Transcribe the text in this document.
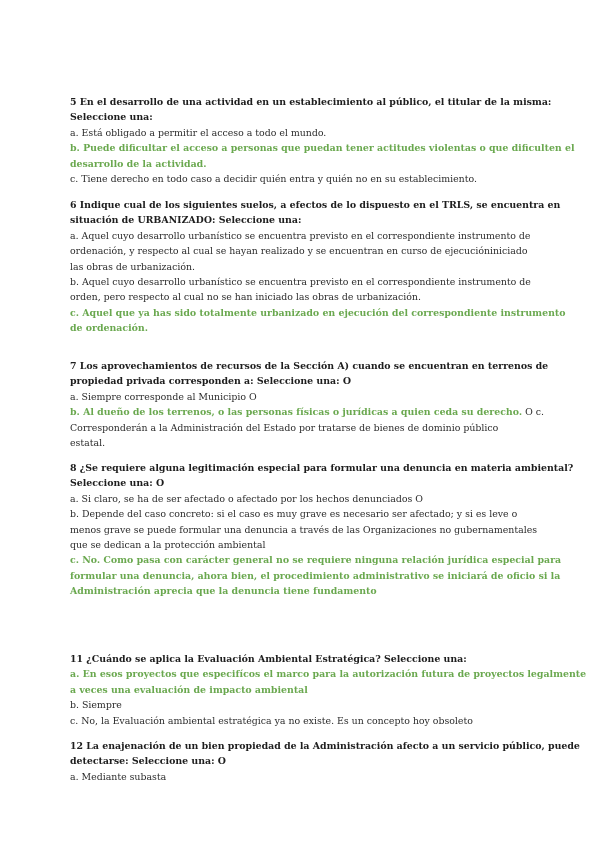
5 En el desarrollo de una actividad en un establecimiento al público, el titular de la misma:
Seleccione una:
a. Está obligado a permitir el acceso a todo el mundo.
b. Puede dificultar el acceso a personas que puedan tener actitudes violentas o que dificulten el
desarrollo de la actividad.
c. Tiene derecho en todo caso a decidir quién entra y quién no en su establecimiento.
6 Indique cual de los siguientes suelos, a efectos de lo dispuesto en el TRLS, se encuentra en
situación de URBANIZADO: Seleccione una:
a. Aquel cuyo desarrollo urbanístico se encuentra previsto en el correspondiente instrumento de
ordenación, y respecto al cual se hayan realizado y se encuentran en curso de ejecucióniniciado
las obras de urbanización.
b. Aquel cuyo desarrollo urbanístico se encuentra previsto en el correspondiente instrumento de
orden, pero respecto al cual no se han iniciado las obras de urbanización.
c. Aquel que ya has sido totalmente urbanizado en ejecución del correspondiente instrumento
de ordenación.
7 Los aprovechamientos de recursos de la Sección A) cuando se encuentran en terrenos de
propiedad privada corresponden a: Seleccione una: O
a. Siempre corresponde al Municipio O
b. Al dueño de los terrenos, o las personas físicas o jurídicas a quien ceda su derecho. O c.
Corresponderán a la Administración del Estado por tratarse de bienes de dominio público
estatal.
8 ¿Se requiere alguna legitimación especial para formular una denuncia en materia ambiental?
Seleccione una: O
a. Si claro, se ha de ser afectado o afectado por los hechos denunciados O
b. Depende del caso concreto: si el caso es muy grave es necesario ser afectado; y si es leve o
menos grave se puede formular una denuncia a través de las Organizaciones no gubernamentales
que se dedican a la protección ambiental
c. No. Como pasa con carácter general no se requiere ninguna relación jurídica especial para
formular una denuncia, ahora bien, el procedimiento administrativo se iniciará de oficio si la
Administración aprecia que la denuncia tiene fundamento
11 ¿Cuándo se aplica la Evaluación Ambiental Estratégica? Seleccione una:
a. En esos proyectos que especifícos el marco para la autorización futura de proyectos legalmente
a veces una evaluación de impacto ambiental
b. Siempre
c. No, la Evaluación ambiental estratégica ya no existe. Es un concepto hoy obsoleto
12 La enajenación de un bien propiedad de la Administración afecto a un servicio público, puede
detectarse: Seleccione una: O
a. Mediante subasta
